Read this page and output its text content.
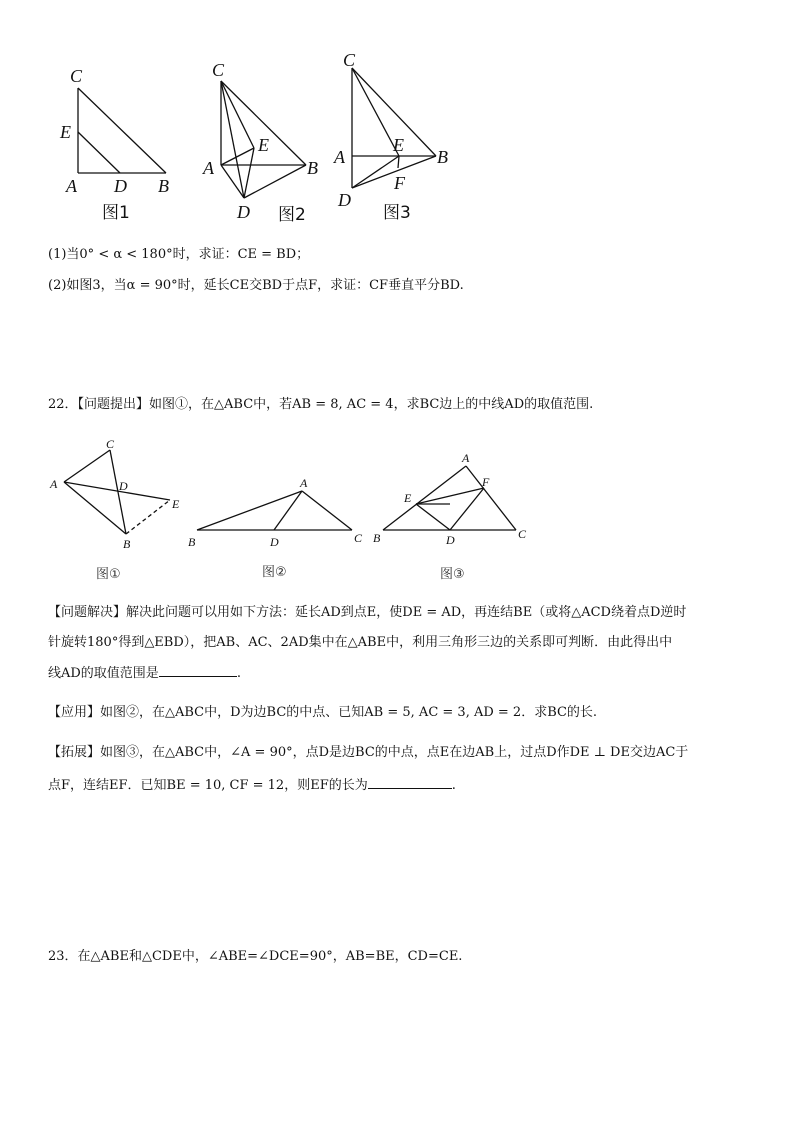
C
E
A D B
图1
C
E
A	B
D 图2
C
A
E
B
F
D
图3
(1)当0° < α < 180°时，求证：CE = BD；
(2)如图3，当α = 90°时，延长CE交BD于点F，求证：CF垂直平分BD.
22．【问题提出】如图①，在△ABC中，若AB = 8, AC = 4，求BC边上的中线AD的取值范围.
C
A	D
E
B
图①
A
B	D	C
图②
A
E
F
B	D	C
图③
【问题解决】解决此问题可以用如下方法：延长AD到点E，使DE = AD，再连结BE（或将△ACD绕着点D逆时
针旋转180°得到△EBD），把AB、AC、2AD集中在△ABE中，利用三角形三边的关系即可判断．由此得出中
线AD的取值范围是	.
【应用】如图②，在△ABC中，D为边BC的中点、已知AB = 5, AC = 3, AD = 2．求BC的长.
【拓展】如图③，在△ABC中，∠A = 90°，点D是边BC的中点，点E在边AB上，过点D作DE ⊥ DE交边AC于
点F，连结EF．已知BE = 10, CF = 12，则EF的长为	.
23．在△ABE和△CDE中，∠ABE=∠DCE=90°，AB=BE，CD=CE.
